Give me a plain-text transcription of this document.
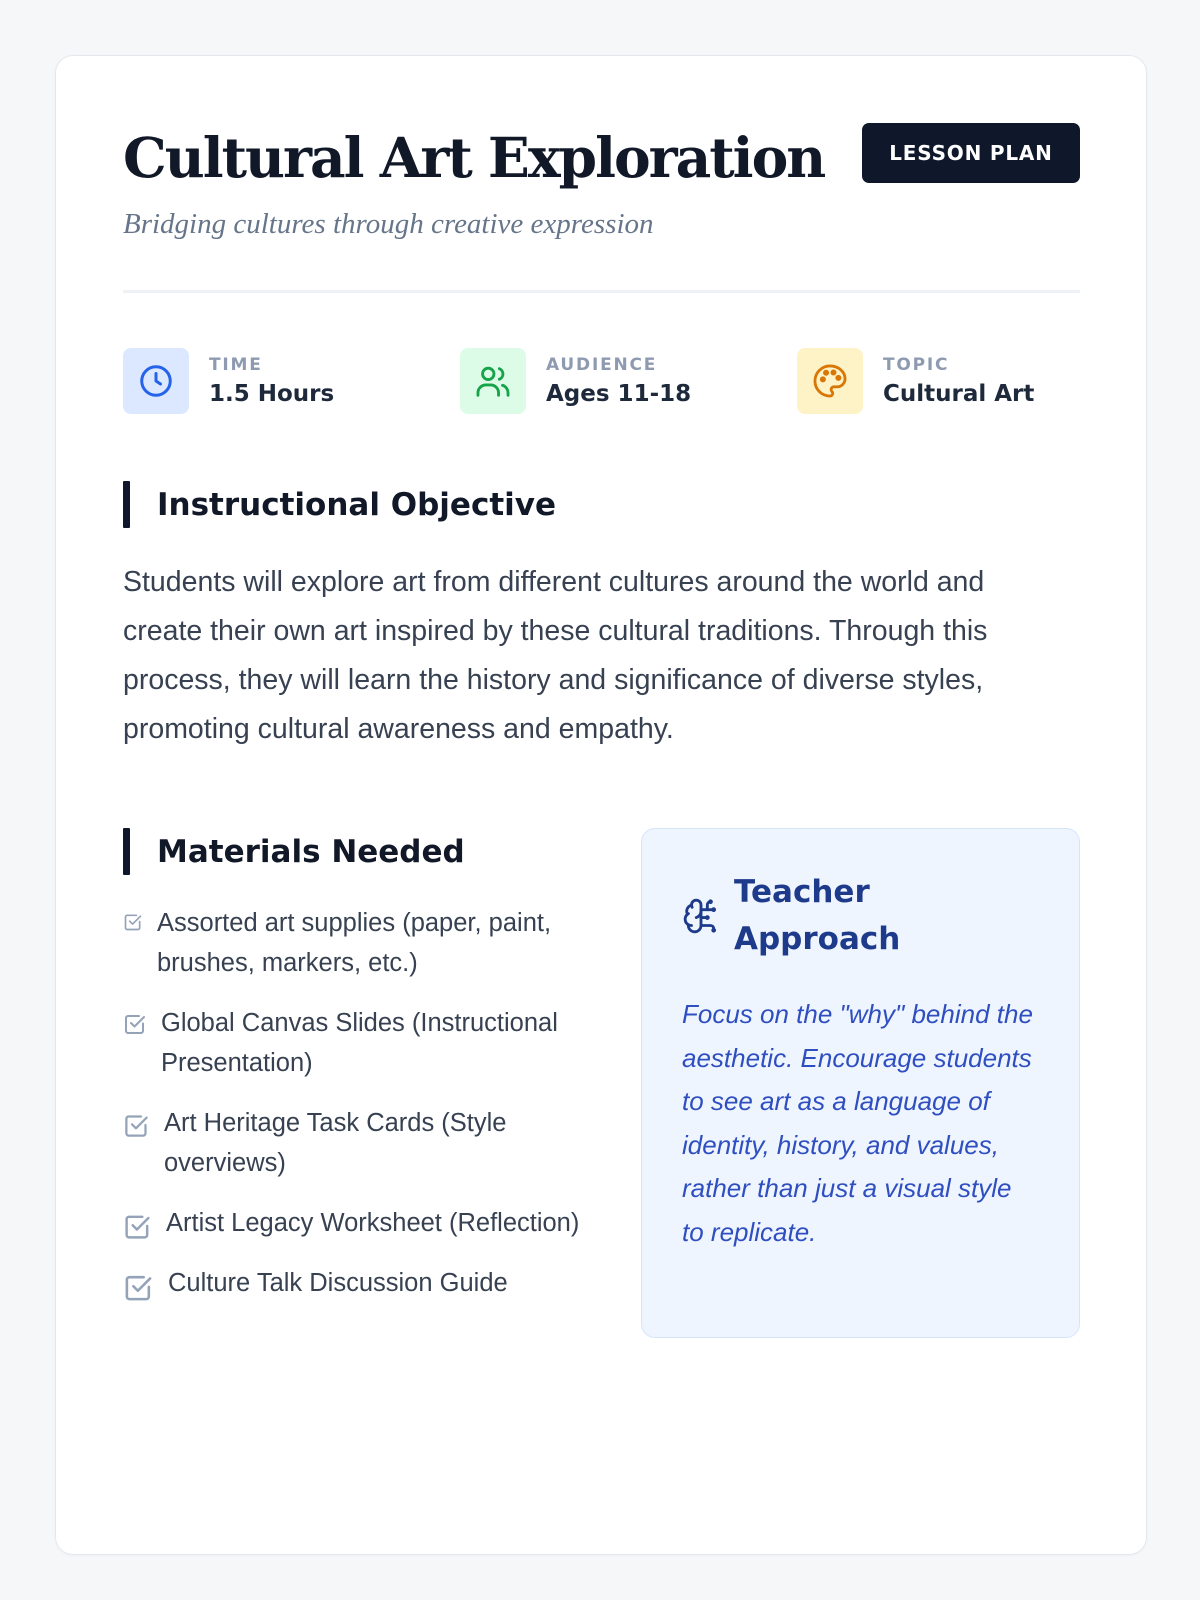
Cultural Art Exploration
Bridging cultures through creative expression
LESSON PLAN
TIME
1.5 Hours
AUDIENCE
Ages 11-18
TOPIC
Cultural Art
Instructional Objective

Students will explore art from different cultures around the world and create their own art inspired by these cultural traditions. Through this process, they will learn the history and significance of diverse styles, promoting cultural awareness and empathy.

Materials Needed
Assorted art supplies (paper, paint, brushes, markers, etc.)
Global Canvas Slides (Instructional Presentation)
Art Heritage Task Cards (Style overviews)
Artist Legacy Worksheet (Reflection)
Culture Talk Discussion Guide
Teacher Approach

Focus on the "why" behind the aesthetic. Encourage students to see art as a language of identity, history, and values, rather than just a visual style to replicate.
